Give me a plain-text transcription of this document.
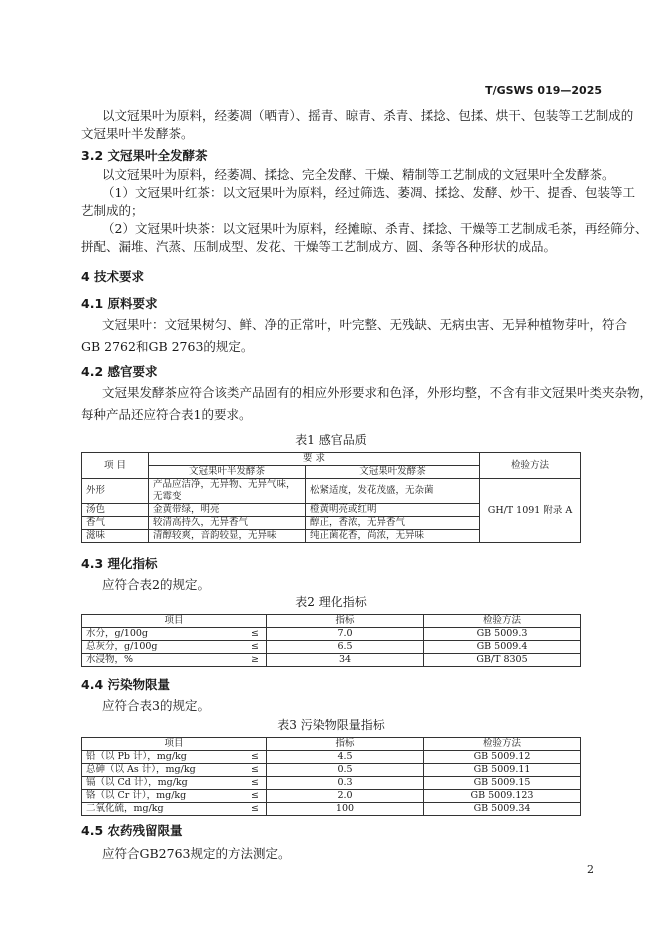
T/GSWS 019—2025
以文冠果叶为原料，经萎凋（晒青）、摇青、晾青、杀青、揉捻、包揉、烘干、包装等工艺制成的
文冠果叶半发酵茶。
3.2 文冠果叶全发酵茶
以文冠果叶为原料，经萎凋、揉捻、完全发酵、干燥、精制等工艺制成的文冠果叶全发酵茶。
（1）文冠果叶红茶：以文冠果叶为原料，经过筛选、萎凋、揉捻、发酵、炒干、提香、包装等工
艺制成的；
（2）文冠果叶块茶：以文冠果叶为原料，经摊晾、杀青、揉捻、干燥等工艺制成毛茶，再经筛分、
拼配、漏堆、汽蒸、压制成型、发花、干燥等工艺制成方、圆、条等各种形状的成品。
4 技术要求
4.1 原料要求
文冠果叶：文冠果树匀、鲜、净的正常叶，叶完整、无残缺、无病虫害、无异种植物芽叶，符合
GB 2762和GB 2763的规定。
4.2 感官要求
文冠果发酵茶应符合该类产品固有的相应外形要求和色泽，外形均整，不含有非文冠果叶类夹杂物，
每种产品还应符合表1的要求。
表1 感官品质
项 目	要 求		检验方法
	文冠果叶半发酵茶	文冠果叶发酵茶	
外形	产品应洁净，无异物、无异气味，
无霉变	松紧适度，发花茂盛，无杂菌	GH/T 1091 附录 A
汤色	金黄带绿，明亮	橙黄明亮或红明	
香气	较清高持久，无异香气	醇正，香浓，无异香气	
滋味	清醇较爽，音韵较显，无异味	纯正菌花香，尚浓，无异味	
4.3 理化指标
应符合表2的规定。
表2 理化指标
项目		指标	检验方法
水分，g/100g	≤	7.0	GB 5009.3
总灰分，g/100g	≤	6.5	GB 5009.4
水浸物，%	≥	34	GB/T 8305
4.4 污染物限量
应符合表3的规定。
表3 污染物限量指标
项目		指标	检验方法
铅（以 Pb 计），mg/kg	≤	4.5	GB 5009.12
总砷（以 As 计），mg/kg	≤	0.5	GB 5009.11
镉（以 Cd 计），mg/kg	≤	0.3	GB 5009.15
铬（以 Cr 计），mg/kg	≤	2.0	GB 5009.123
二氧化硫，mg/kg	≤	100	GB 5009.34
4.5 农药残留限量
应符合GB2763规定的方法测定。
2
